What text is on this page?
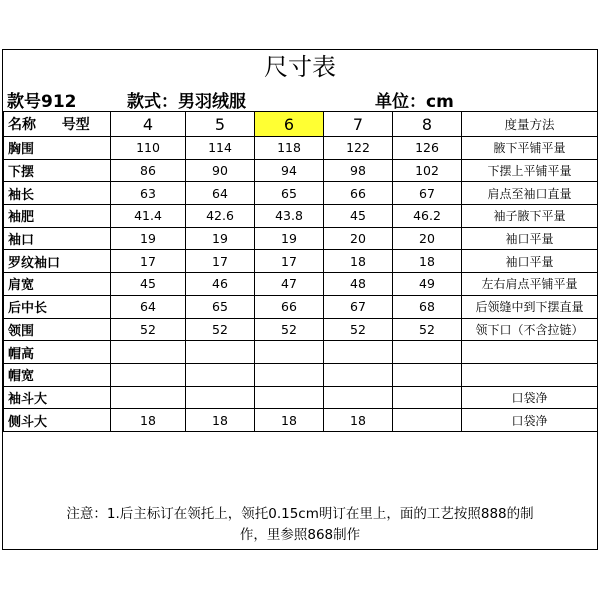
尺寸表
款号912	款式：男羽绒服	单位：cm
名称 号型	4	5	6	7	8	度量方法
胸围	110	114	118	122	126	腋下平铺平量
下摆	86	90	94	98	102	下摆上平铺平量
袖长	63	64	65	66	67	肩点至袖口直量
袖肥	41.4	42.6	43.8	45	46.2	袖子腋下平量
袖口	19	19	19	20	20	袖口平量
罗纹袖口	17	17	17	18	18	袖口平量
肩宽	45	46	47	48	49	左右肩点平铺平量
后中长	64	65	66	67	68	后领缝中到下摆直量
领围	52	52	52	52	52	领下口（不含拉链）
帽高						
帽宽						
袖斗大						口袋净
侧斗大	18	18	18	18		口袋净
注意：1.后主标订在领托上，领托0.15cm明订在里上，面的工艺按照888的制
作，里参照868制作
